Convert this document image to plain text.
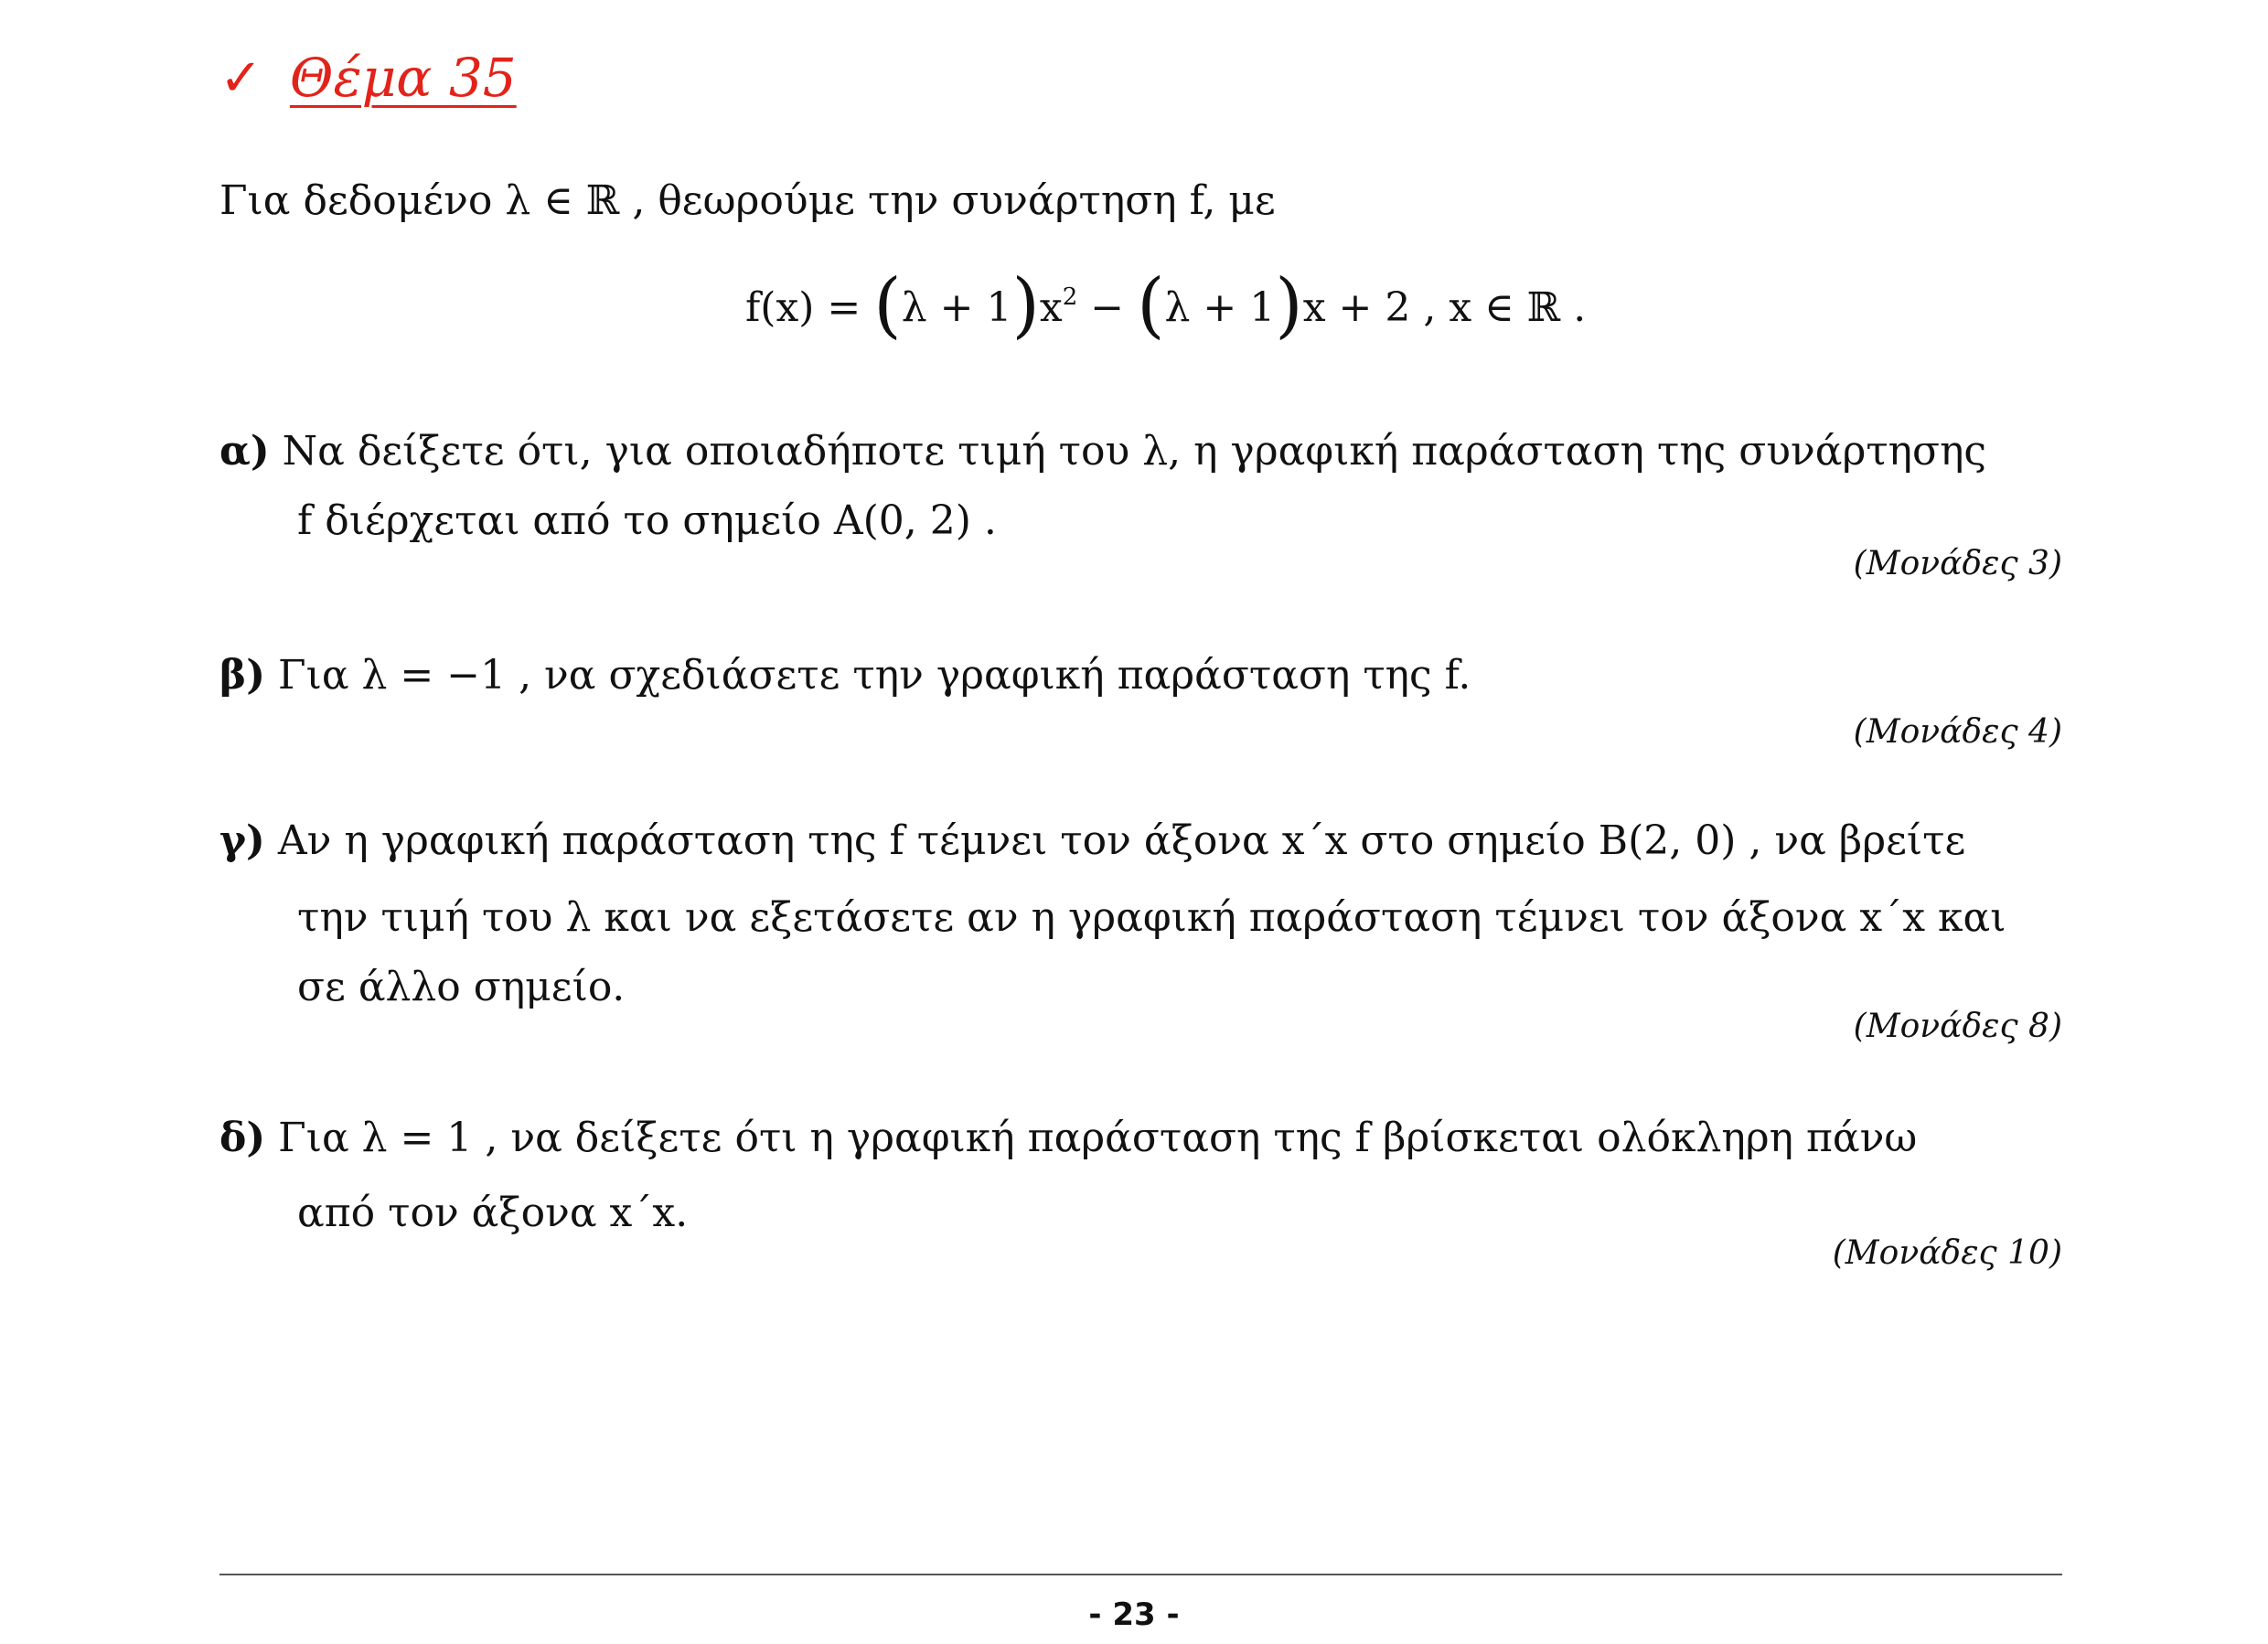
✓ Θέμα 35
Για δεδομένο λ ∈ ℝ , θεωρούμε την συνάρτηση f, με
$f(x) = (\lambda + 1)x^2 - (\lambda + 1)x + 2$ , x ∈ ℝ .
α) Να δείξετε ότι, για οποιαδήποτε τιμή του λ, η γραφική παράσταση της συνάρτησης
f διέρχεται από το σημείο Α(0, 2) .
(Μονάδες 3)
β) Για λ = −1 , να σχεδιάσετε την γραφική παράσταση της f.
(Μονάδες 4)
γ) Αν η γραφική παράσταση της f τέμνει τον άξονα x΄x στο σημείο Β(2, 0) , να βρείτε
την τιμή του λ και να εξετάσετε αν η γραφική παράσταση τέμνει τον άξονα x΄x και
σε άλλο σημείο.
(Μονάδες 8)
δ) Για λ = 1 , να δείξετε ότι η γραφική παράσταση της f βρίσκεται ολόκληρη πάνω
από τον άξονα x΄x.
(Μονάδες 10)
- 23 -
